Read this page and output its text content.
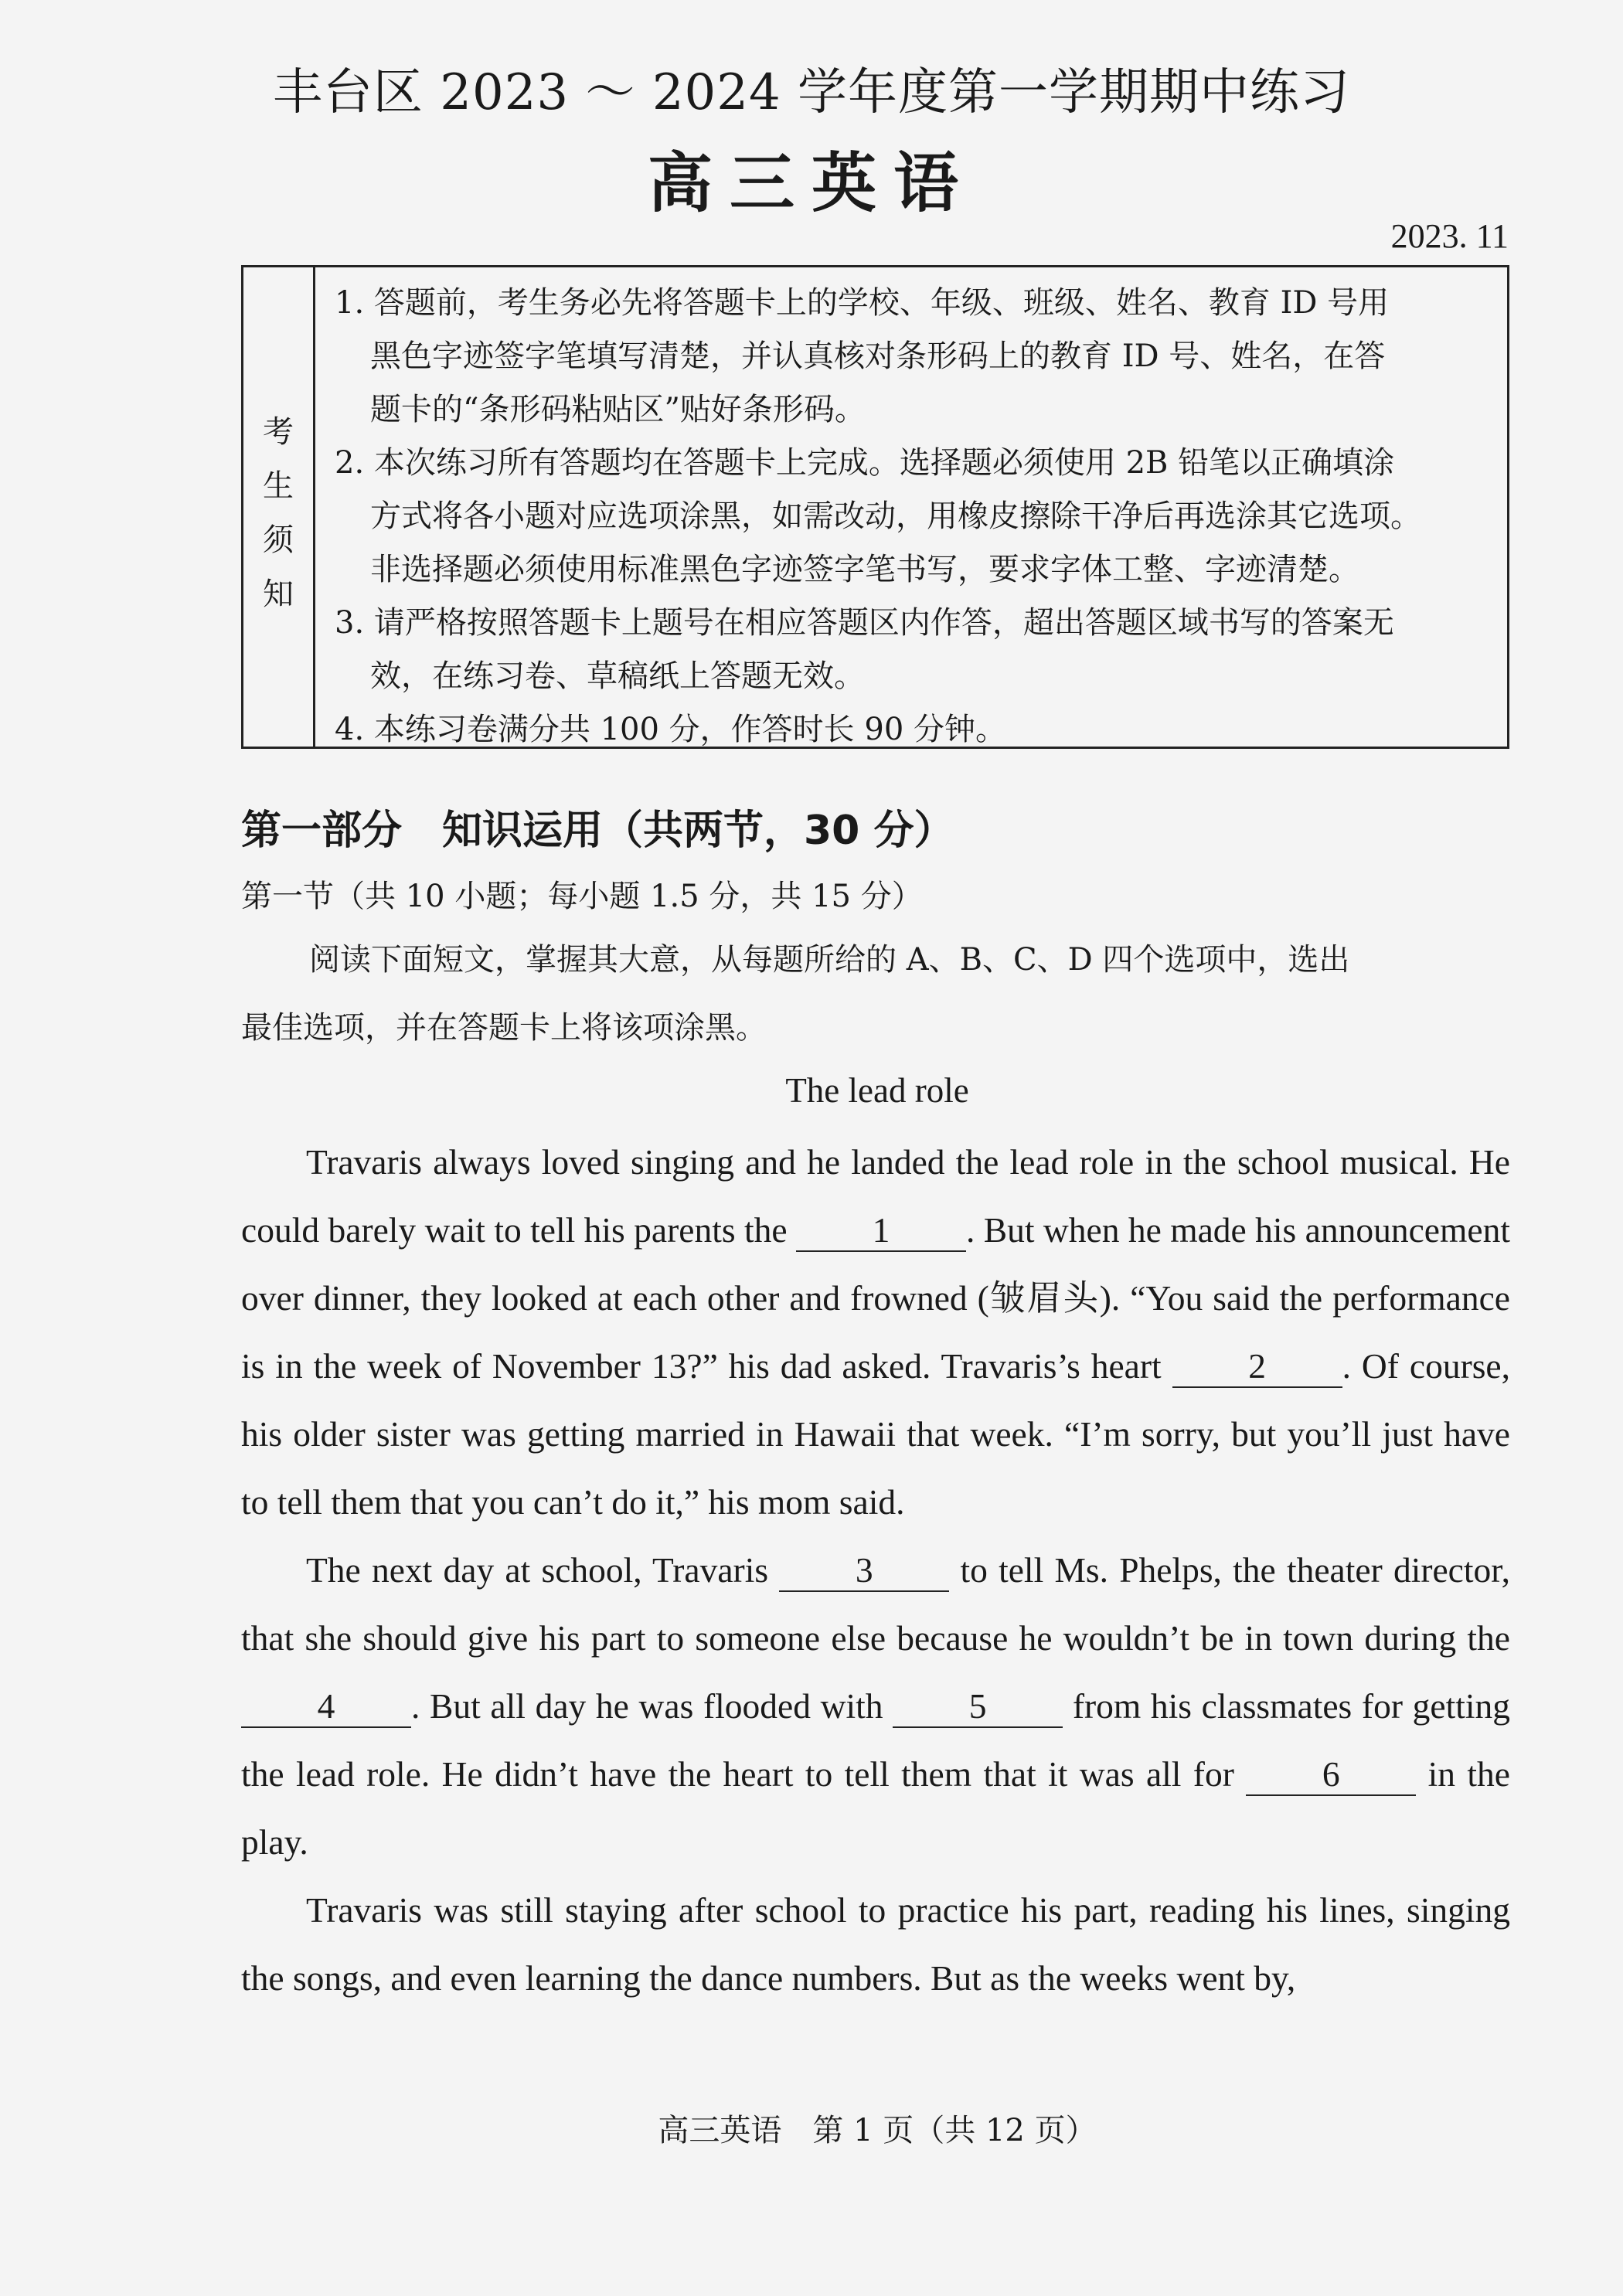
丰台区 2023 ～ 2024 学年度第一学期期中练习
高三英语
2023. 11
考
生
须
知
1. 答题前，考生务必先将答题卡上的学校、年级、班级、姓名、教育 ID 号用
黑色字迹签字笔填写清楚，并认真核对条形码上的教育 ID 号、姓名，在答
题卡的“条形码粘贴区”贴好条形码。
2. 本次练习所有答题均在答题卡上完成。选择题必须使用 2B 铅笔以正确填涂
方式将各小题对应选项涂黑，如需改动，用橡皮擦除干净后再选涂其它选项。
非选择题必须使用标准黑色字迹签字笔书写，要求字体工整、字迹清楚。
3. 请严格按照答题卡上题号在相应答题区内作答，超出答题区域书写的答案无
效，在练习卷、草稿纸上答题无效。
4. 本练习卷满分共 100 分，作答时长 90 分钟。
第一部分　知识运用（共两节，30 分）
第一节（共 10 小题；每小题 1.5 分，共 15 分）
阅读下面短文，掌握其大意，从每题所给的 A、B、C、D 四个选项中，选出
最佳选项，并在答题卡上将该项涂黑。
The lead role

Travaris always loved singing and he landed the lead role in the school musical. He could barely wait to tell his parents the 1 . But when he made his announcement over dinner, they looked at each other and frowned (皱眉头). “You said the performance is in the week of November 13?” his dad asked. Travaris’s heart 2 . Of course, his older sister was getting married in Hawaii that week. “I’m sorry, but you’ll just have to tell them that you can’t do it,” his mom said.

The next day at school, Travaris 3 to tell Ms. Phelps, the theater director, that she should give his part to someone else because he wouldn’t be in town during the 4 . But all day he was flooded with 5 from his classmates for getting the lead role. He didn’t have the heart to tell them that it was all for 6 in the play.

Travaris was still staying after school to practice his part, reading his lines, singing the songs, and even learning the dance numbers. But as the weeks went by,

高三英语　第 1 页（共 12 页）
